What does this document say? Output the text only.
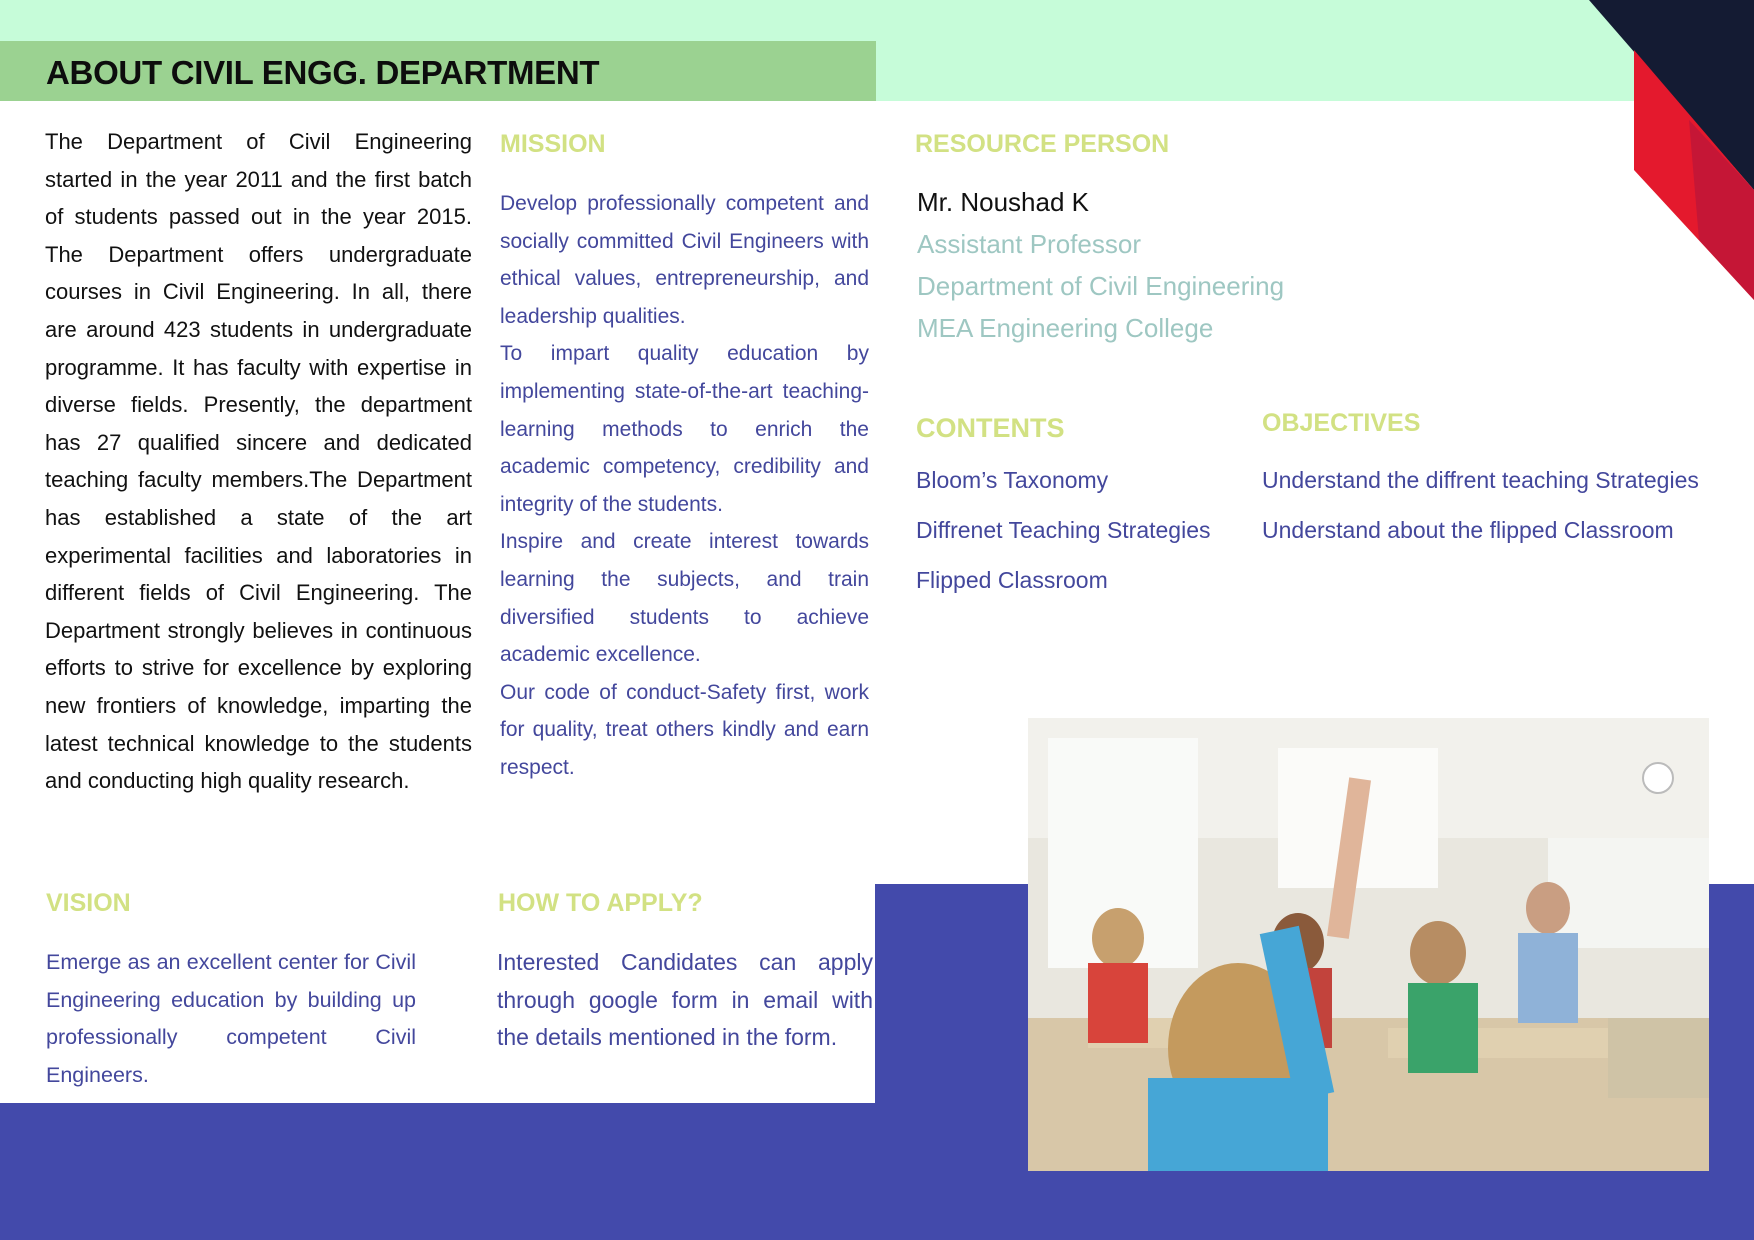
ABOUT CIVIL ENGG. DEPARTMENT
The Department of Civil Engineering started in the year 2011 and the first batch of students passed out in the year 2015. The Department offers undergraduate courses in Civil Engineering. In all, there are around 423 students in undergraduate programme. It has faculty with expertise in diverse fields. Presently, the department has 27 qualified sincere and dedicated teaching faculty members.The Department has established a state of the art experimental facilities and laboratories in different fields of Civil Engineering. The Department strongly believes in continuous efforts to strive for excellence by exploring new frontiers of knowledge, imparting the latest technical knowledge to the students and conducting high quality research.
MISSION
Develop professionally competent and socially committed Civil Engineers with ethical values, entrepreneurship, and leadership qualities.
To impart quality education by implementing state-of-the-art teaching-learning methods to enrich the academic competency, credibility and integrity of the students.
Inspire and create interest towards learning the subjects, and train diversified students to achieve academic excellence.
Our code of conduct-Safety first, work for quality, treat others kindly and earn respect.
VISION
Emerge as an excellent center for Civil Engineering education by building up professionally competent Civil Engineers.
HOW TO APPLY?
Interested Candidates can apply through google form in email with the details mentioned in the form.
RESOURCE PERSON
Mr. Noushad K
Assistant Professor
Department of Civil Engineering
MEA Engineering College
CONTENTS
Bloom’s Taxonomy
Diffrenet Teaching Strategies
Flipped Classroom
OBJECTIVES
Understand the diffrent teaching Strategies
Understand about the flipped Classroom
